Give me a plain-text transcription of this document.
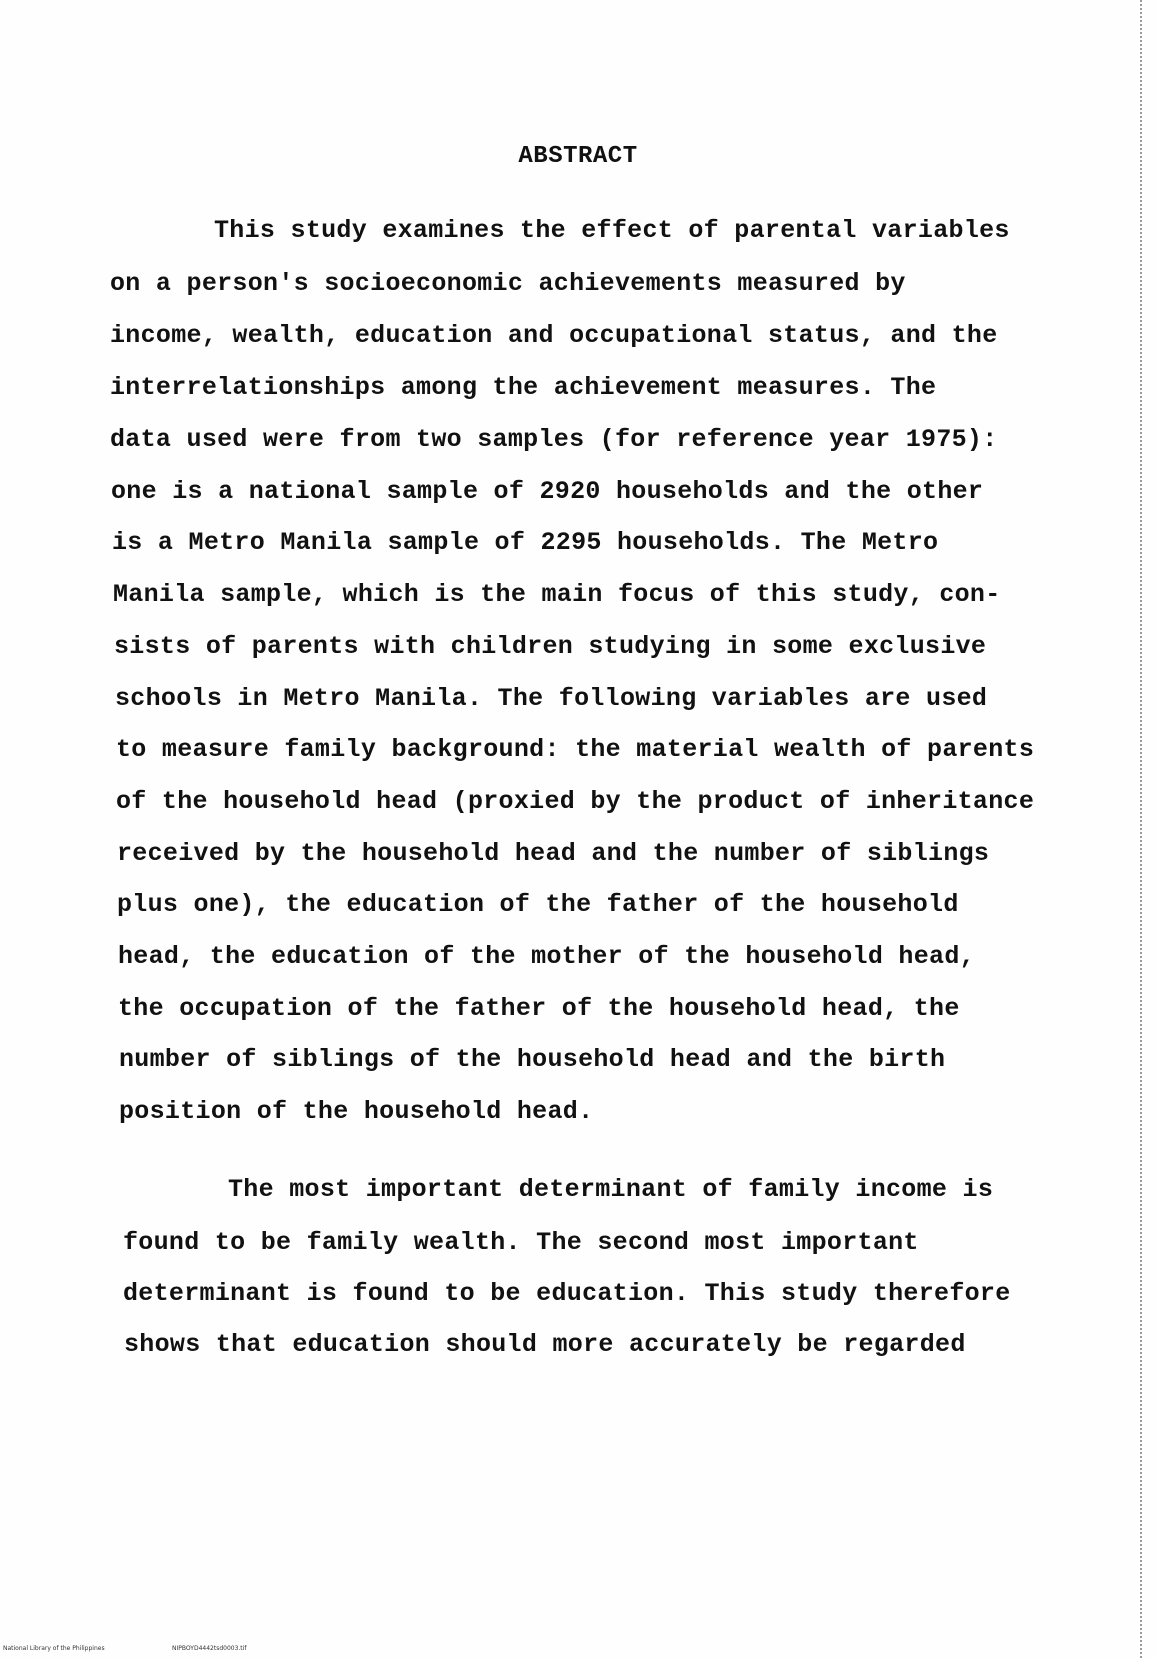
ABSTRACT
This study examines the effect of parental variables
on a person's socioeconomic achievements measured by
income, wealth, education and occupational status, and the
interrelationships among the achievement measures. The
data used were from two samples (for reference year 1975):
one is a national sample of 2920 households and the other
is a Metro Manila sample of 2295 households. The Metro
Manila sample, which is the main focus of this study, con-
sists of parents with children studying in some exclusive
schools in Metro Manila. The following variables are used
to measure family background: the material wealth of parents
of the household head (proxied by the product of inheritance
received by the household head and the number of siblings
plus one), the education of the father of the household
head, the education of the mother of the household head,
the occupation of the father of the household head, the
number of siblings of the household head and the birth
position of the household head.
The most important determinant of family income is
found to be family wealth. The second most important
determinant is found to be education. This study therefore
shows that education should more accurately be regarded
National Library of the Philippines	NIPBOYD4442tsd0003.tif
